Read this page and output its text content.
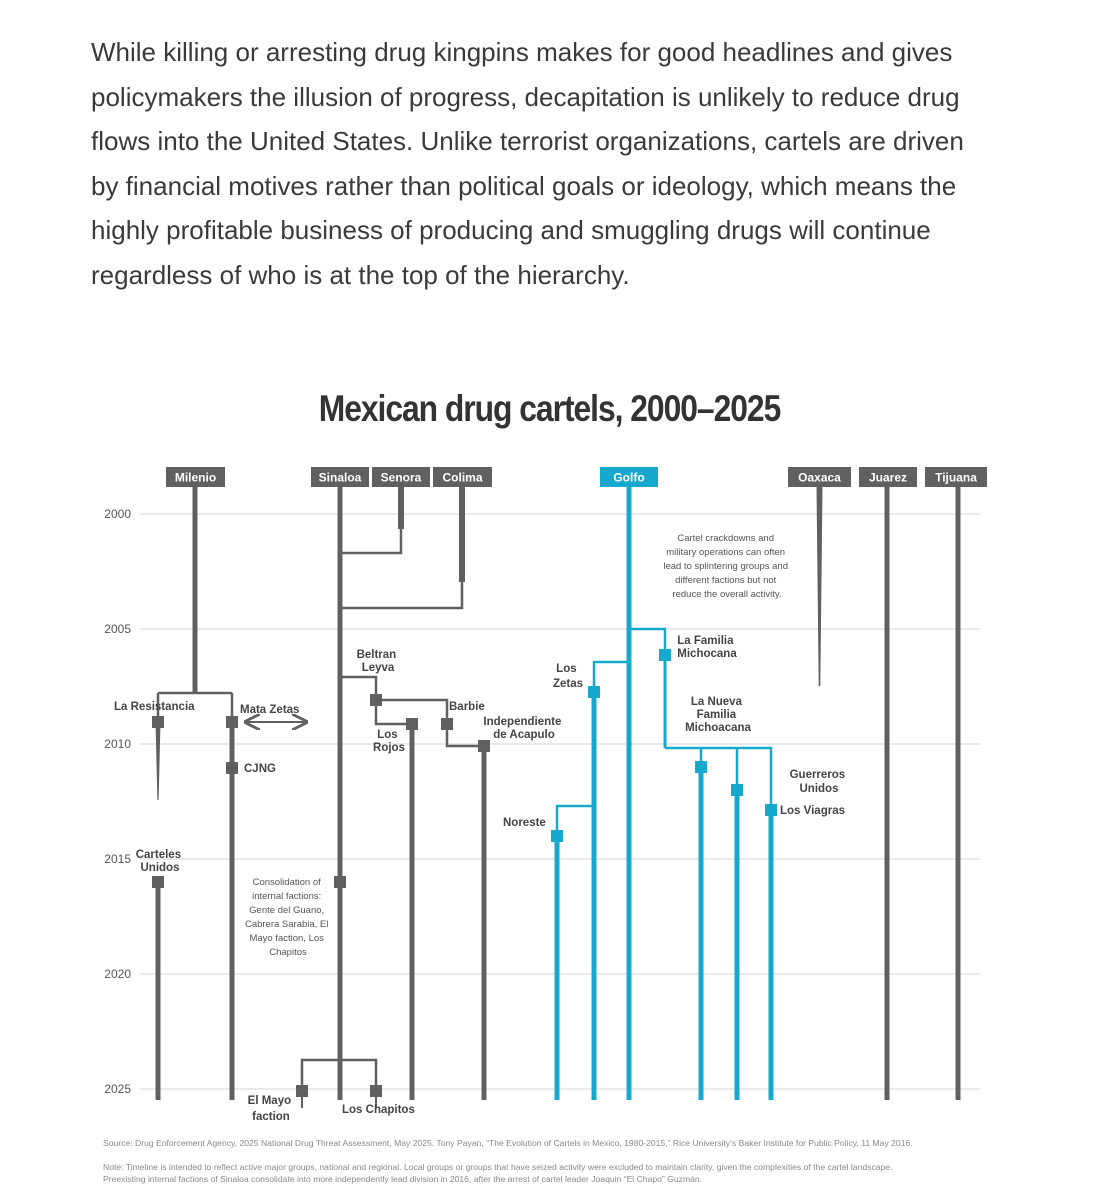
While killing or arresting drug kingpins makes for good headlines and gives policymakers the illusion of progress, decapitation is unlikely to reduce drug flows into the United States. Unlike terrorist organizations, cartels are driven by financial motives rather than political goals or ideology, which means the highly profitable business of producing and smuggling drugs will continue regardless of who is at the top of the hierarchy.

Mexican drug cartels, 2000–2025
2000
2005
2010
2015
2020
2025
Milenio	Sinaloa Senora Colima	Golfo	Oaxaca Juarez Tijuana
La Resistancia	Mata Zetas
CJNG
Carteles Unidos
Beltran Leyva
Barbie
Los Rojos
Independiente de Acapulo
El Mayo faction
Los Chapitos
Los Zetas
La Familia Michocana
Noreste
La Nueva Familia Michoacana
Guerreros Unidos
Los Viagras
Cartel crackdowns and military operations can often lead to splintering groups and different factions but not reduce the overall activity.
Consolidation of internal factions: Gente del Guano, Cabrera Sarabia, El Mayo faction, Los Chapitos

Source: Drug Enforcement Agency, 2025 National Drug Threat Assessment, May 2025. Tony Payan, “The Evolution of Cartels in Mexico, 1980-2015,” Rice University’s Baker Institute for Public Policy, 11 May 2016.

Note: Timeline is intended to reflect active major groups, national and regional. Local groups or groups that have seized activity were excluded to maintain clarity, given the complexities of the cartel landscape.

Preexisting internal factions of Sinaloa consolidate into more independently lead division in 2016, after the arrest of cartel leader Joaquin “El Chapo” Guzmán.
